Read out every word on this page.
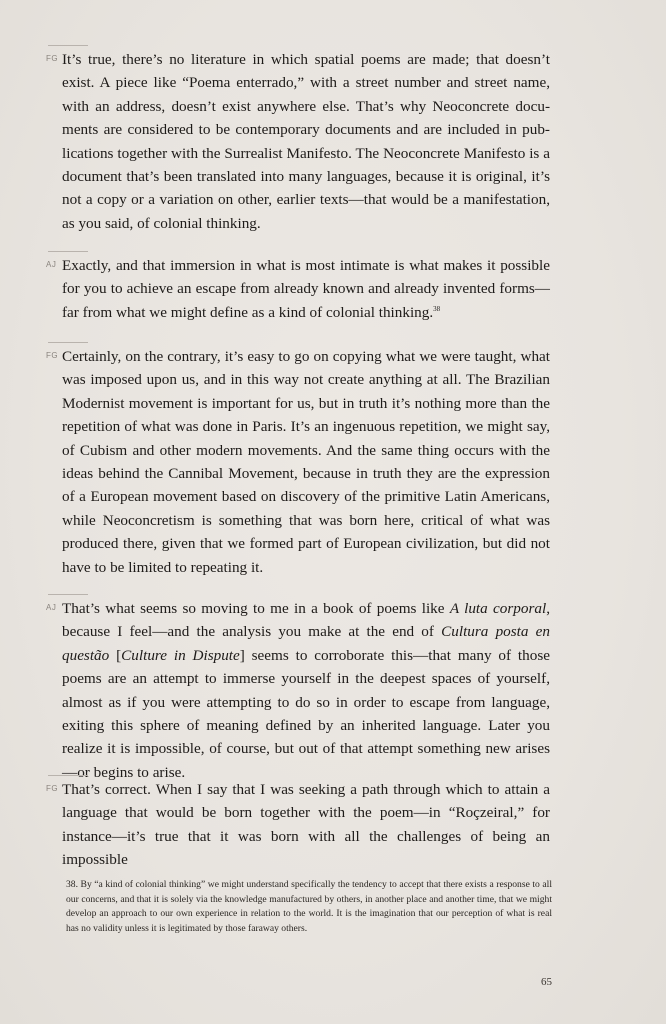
FG It’s true, there’s no literature in which spatial poems are made; that doesn’t exist. A piece like “Poema enterrado,” with a street number and street name, with an address, doesn’t exist anywhere else. That’s why Neoconcrete docu-ments are considered to be contemporary documents and are included in pub-lications together with the Surrealist Manifesto. The Neoconcrete Manifesto is a document that’s been translated into many languages, because it is original, it’s not a copy or a variation on other, earlier texts—that would be a manifestation, as you said, of colonial thinking.

AJ Exactly, and that immersion in what is most intimate is what makes it possible for you to achieve an escape from already known and already invented forms—far from what we might define as a kind of colonial thinking.$^{38}$

FG Certainly, on the contrary, it’s easy to go on copying what we were taught, what was imposed upon us, and in this way not create anything at all. The Brazilian Modernist movement is important for us, but in truth it’s nothing more than the repetition of what was done in Paris. It’s an ingenuous repetition, we might say, of Cubism and other modern movements. And the same thing occurs with the ideas behind the Cannibal Movement, because in truth they are the expression of a European movement based on discovery of the primitive Latin Americans, while Neoconcretism is something that was born here, critical of what was produced there, given that we formed part of European civilization, but did not have to be limited to repeating it.

AJ That’s what seems so moving to me in a book of poems like A luta corporal, because I feel—and the analysis you make at the end of Cultura posta en questão [Culture in Dispute] seems to corroborate this—that many of those poems are an attempt to immerse yourself in the deepest spaces of yourself, almost as if you were attempting to do so in order to escape from language, exiting this sphere of meaning defined by an inherited language. Later you realize it is impossible, of course, but out of that attempt something new arises—or begins to arise.

FG That’s correct. When I say that I was seeking a path through which to attain a language that would be born together with the poem—in “Roçzeiral,” for instance—it’s true that it was born with all the challenges of being an impossible

38. By “a kind of colonial thinking” we might understand specifically the tendency to accept that there exists a response to all our concerns, and that it is solely via the knowledge manufactured by others, in another place and another time, that we might develop an approach to our own experience in relation to the world. It is the imagination that our perception of what is real has no validity unless it is legitimated by those faraway others.

65
